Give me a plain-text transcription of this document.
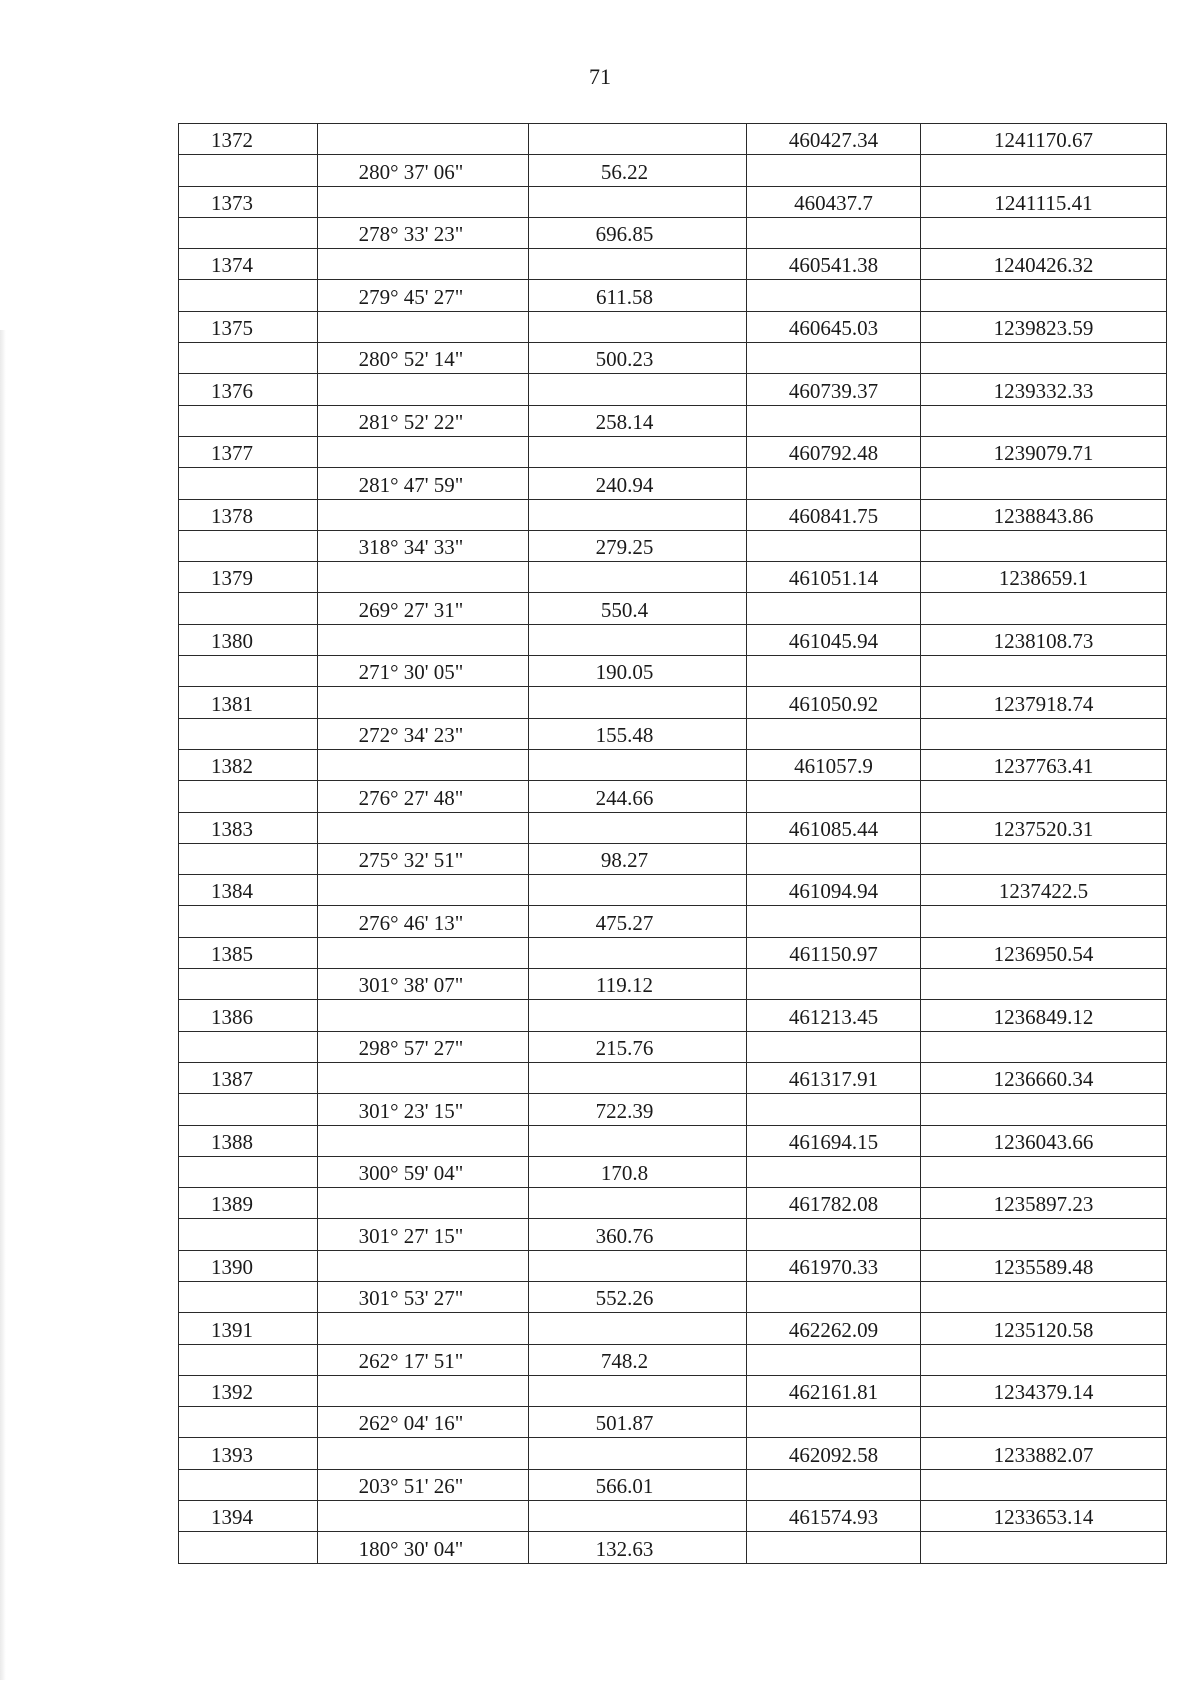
71
1372			460427.34	1241170.67
	280° 37' 06"	56.22		
1373			460437.7	1241115.41
	278° 33' 23"	696.85		
1374			460541.38	1240426.32
	279° 45' 27"	611.58		
1375			460645.03	1239823.59
	280° 52' 14"	500.23		
1376			460739.37	1239332.33
	281° 52' 22"	258.14		
1377			460792.48	1239079.71
	281° 47' 59"	240.94		
1378			460841.75	1238843.86
	318° 34' 33"	279.25		
1379			461051.14	1238659.1
	269° 27' 31"	550.4		
1380			461045.94	1238108.73
	271° 30' 05"	190.05		
1381			461050.92	1237918.74
	272° 34' 23"	155.48		
1382			461057.9	1237763.41
	276° 27' 48"	244.66		
1383			461085.44	1237520.31
	275° 32' 51"	98.27		
1384			461094.94	1237422.5
	276° 46' 13"	475.27		
1385			461150.97	1236950.54
	301° 38' 07"	119.12		
1386			461213.45	1236849.12
	298° 57' 27"	215.76		
1387			461317.91	1236660.34
	301° 23' 15"	722.39		
1388			461694.15	1236043.66
	300° 59' 04"	170.8		
1389			461782.08	1235897.23
	301° 27' 15"	360.76		
1390			461970.33	1235589.48
	301° 53' 27"	552.26		
1391			462262.09	1235120.58
	262° 17' 51"	748.2		
1392			462161.81	1234379.14
	262° 04' 16"	501.87		
1393			462092.58	1233882.07
	203° 51' 26"	566.01		
1394			461574.93	1233653.14
	180° 30' 04"	132.63		
